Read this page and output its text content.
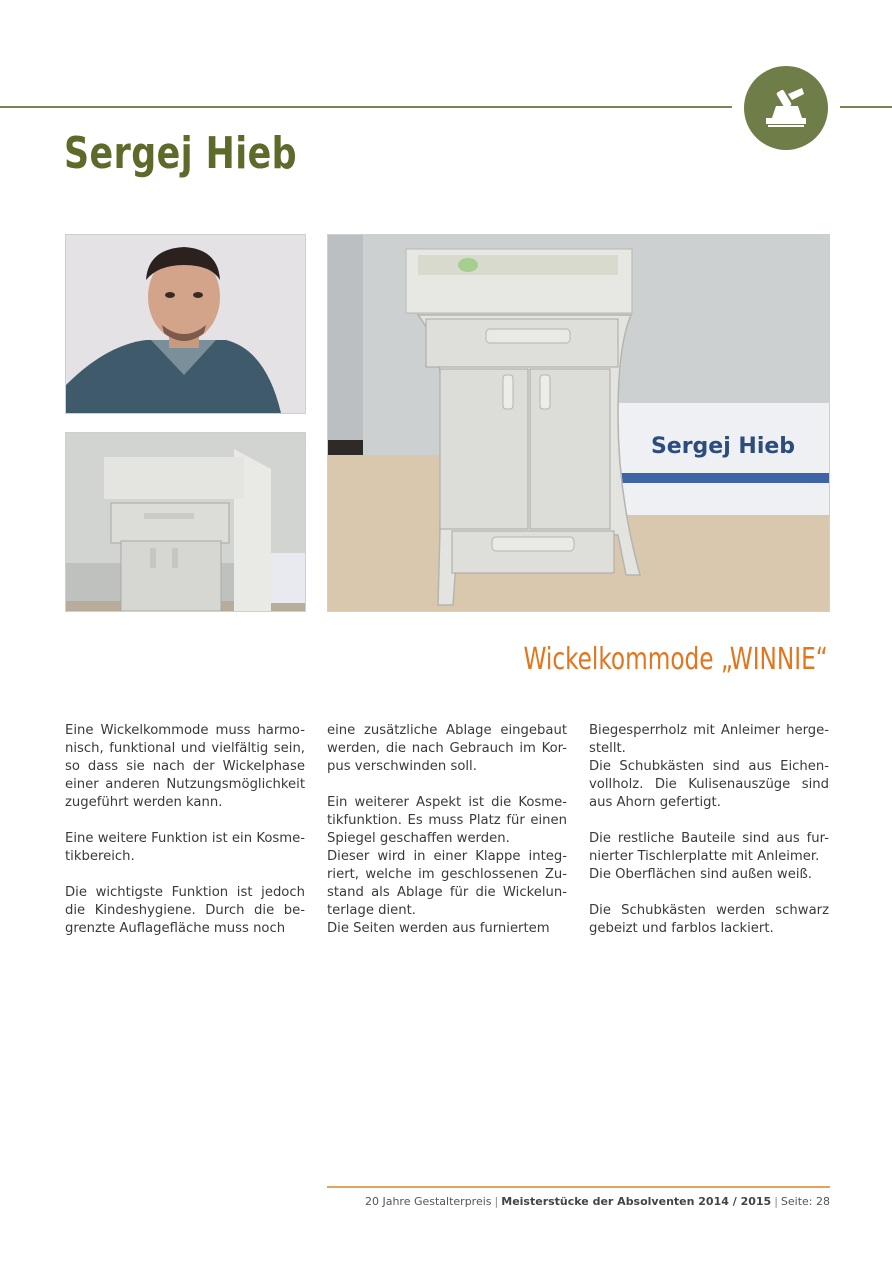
Sergej Hieb
Sergej Hieb
Wickelkommode „WINNIE“

Eine Wickelkommode muss harmo-nisch, funktional und vielfältig sein, so dass sie nach der Wickelphase einer anderen Nutzungsmöglichkeit zugeführt werden kann.

Eine weitere Funktion ist ein Kosme-tikbereich.

Die wichtigste Funktion ist jedoch die Kindeshygiene. Durch die be-grenzte Auflagefläche muss noch

eine zusätzliche Ablage eingebaut werden, die nach Gebrauch im Kor-pus verschwinden soll.

Ein weiterer Aspekt ist die Kosme-tikfunktion. Es muss Platz für einen Spiegel geschaffen werden.

Dieser wird in einer Klappe integ-riert, welche im geschlossenen Zu-stand als Ablage für die Wickelun-terlage dient.

Die Seiten werden aus furniertem

Biegesperrholz mit Anleimer herge-stellt.

Die Schubkästen sind aus Eichen-vollholz. Die Kulisenauszüge sind aus Ahorn gefertigt.

Die restliche Bauteile sind aus fur-nierter Tischlerplatte mit Anleimer.

Die Oberflächen sind außen weiß.

Die Schubkästen werden schwarz gebeizt und farblos lackiert.

20 Jahre Gestalterpreis | Meisterstücke der Absolventen 2014 / 2015 | Seite: 28
